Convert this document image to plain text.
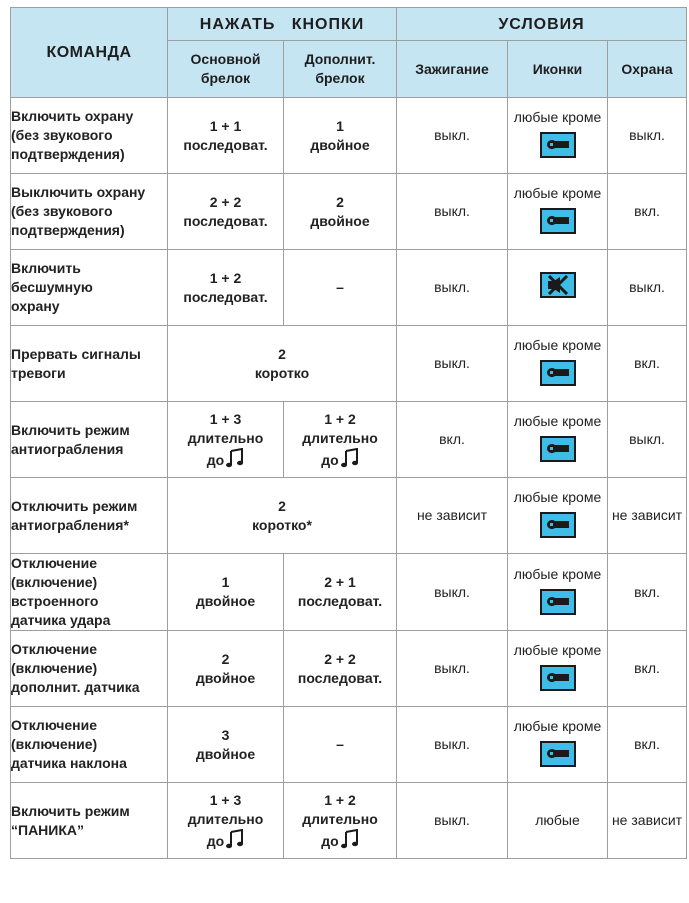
КОМАНДА	НАЖАТЬ   КНОПКИ		УСЛОВИЯ		

	Основной
брелок	Дополнит.
брелок	Зажигание	Иконки	Охрана

Включить охрану
(без звукового
подтверждения)	1 + 1
последоват.	1
двойное	выкл.	любые кроме	выкл.

Выключить охрану
(без звукового
подтверждения)	2 + 2
последоват.	2
двойное	выкл.	любые кроме	вкл.

Включить
бесшумную
охрану	1 + 2
последоват.	–	выкл.		выкл.

Прервать сигналы
тревоги	2
коротко		выкл.	любые кроме	вкл.

Включить режим
антиограбления	1 + 3
длительно
до	1 + 2
длительно
до	вкл.	любые кроме	выкл.

Отключить режим
антиограбления*	2
коротко*		не зависит	любые кроме	не зависит

Отключение
(включение)
встроенного
датчика удара	1
двойное	2 + 1
последоват.	выкл.	любые кроме	вкл.

Отключение
(включение)
дополнит. датчика	2
двойное	2 + 2
последоват.	выкл.	любые кроме	вкл.

Отключение
(включение)
датчика наклона	3
двойное	–	выкл.	любые кроме	вкл.

Включить режим
“ПАНИКА”	1 + 3
длительно
до	1 + 2
длительно
до	выкл.	любые	не зависит
